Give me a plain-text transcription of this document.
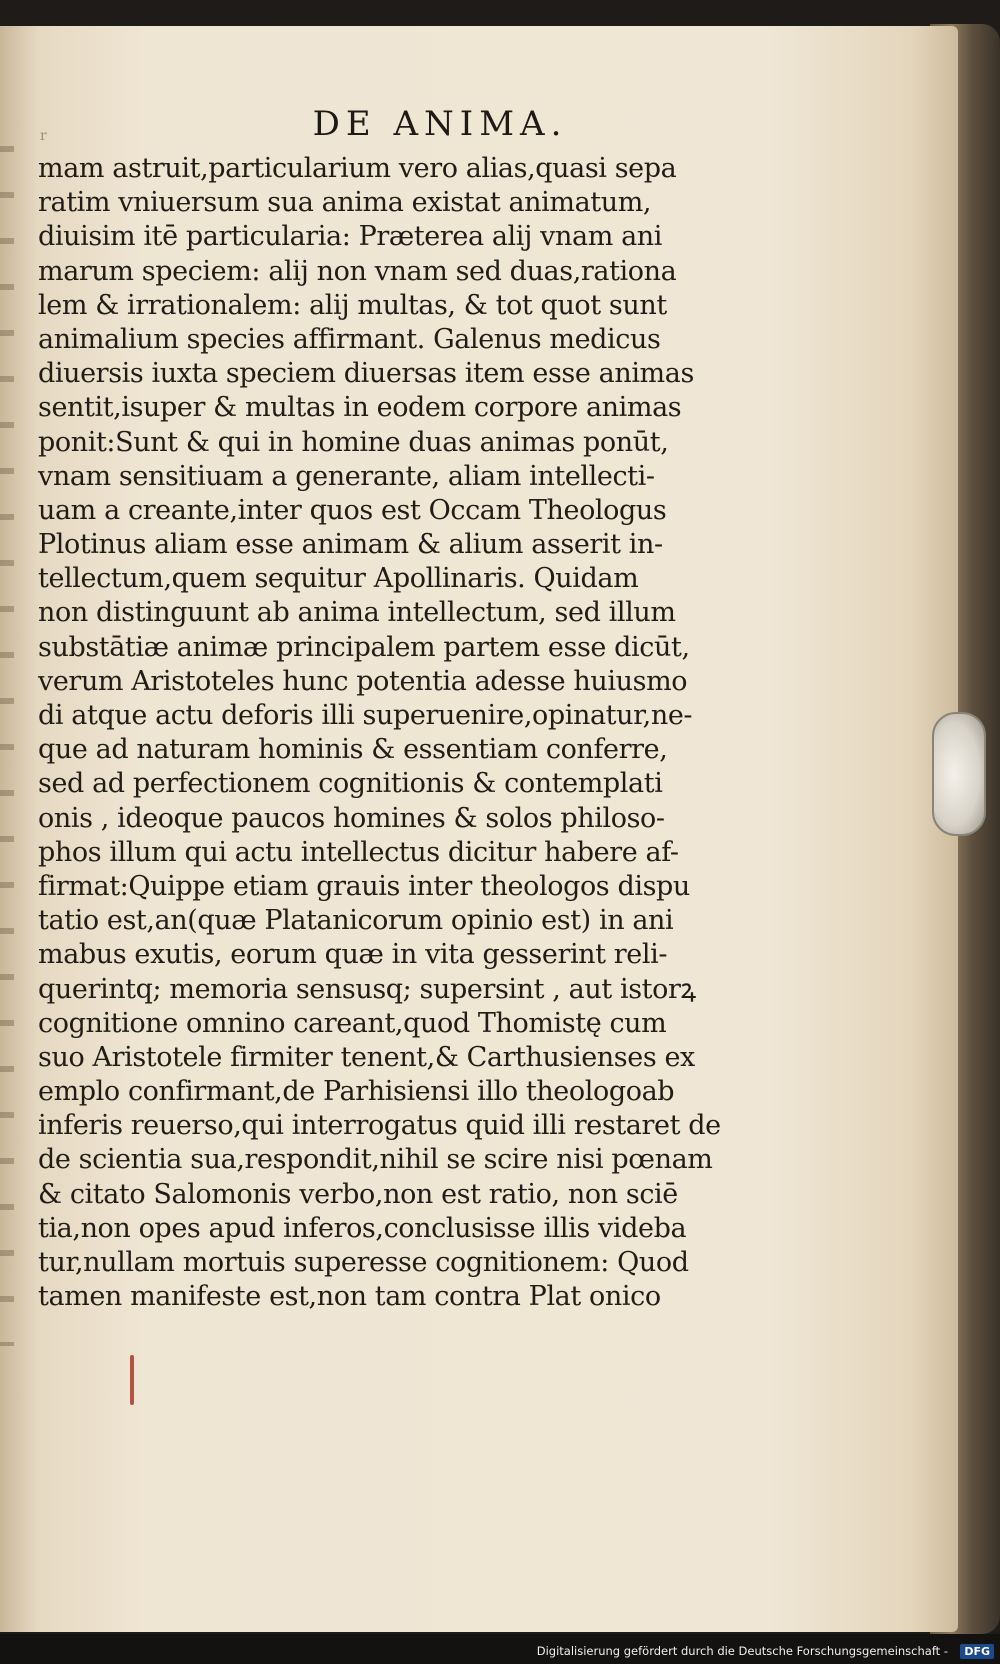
r	DE ANIMA.
mam astruit,particularium vero alias,quasi sepa
ratim vniuersum sua anima existat animatum,
diuisim itē particularia: Præterea alij vnam ani
marum speciem: alij non vnam sed duas,rationa
lem & irrationalem: alij multas, & tot quot sunt
animalium species affirmant. Galenus medicus
diuersis iuxta speciem diuersas item esse animas
sentit,isuper & multas in eodem corpore animas
ponit:Sunt & qui in homine duas animas ponūt,
vnam sensitiuam a generante, aliam intellecti-
uam a creante,inter quos est Occam Theologus
Plotinus aliam esse animam & alium asserit in-
tellectum,quem sequitur Apollinaris. Quidam
non distinguunt ab anima intellectum, sed illum
substātiæ animæ principalem partem esse dicūt,
verum Aristoteles hunc potentia adesse huiusmo
di atque actu deforis illi superuenire,opinatur,ne-
que ad naturam hominis & essentiam conferre,
sed ad perfectionem cognitionis & contemplati
onis , ideoque paucos homines & solos philoso-
phos illum qui actu intellectus dicitur habere af-
firmat:Quippe etiam grauis inter theologos dispu
tatio est,an(quæ Platanicorum opinio est) in ani
mabus exutis, eorum quæ in vita gesserint reli-
querintq; memoria sensusq; supersint , aut istorꝝ
cognitione omnino careant,quod Thomistę cum
suo Aristotele firmiter tenent,& Carthusienses ex
emplo confirmant,de Parhisiensi illo theologoab
inferis reuerso,qui interrogatus quid illi restaret de
de scientia sua,respondit,nihil se scire nisi pœnam
& citato Salomonis verbo,non est ratio, non sciē
tia,non opes apud inferos,conclusisse illis videba
tur,nullam mortuis superesse cognitionem: Quod
tamen manifeste est,non tam contra Plat onico
Digitalisierung gefördert durch die Deutsche Forschungsgemeinschaft -	DFG
